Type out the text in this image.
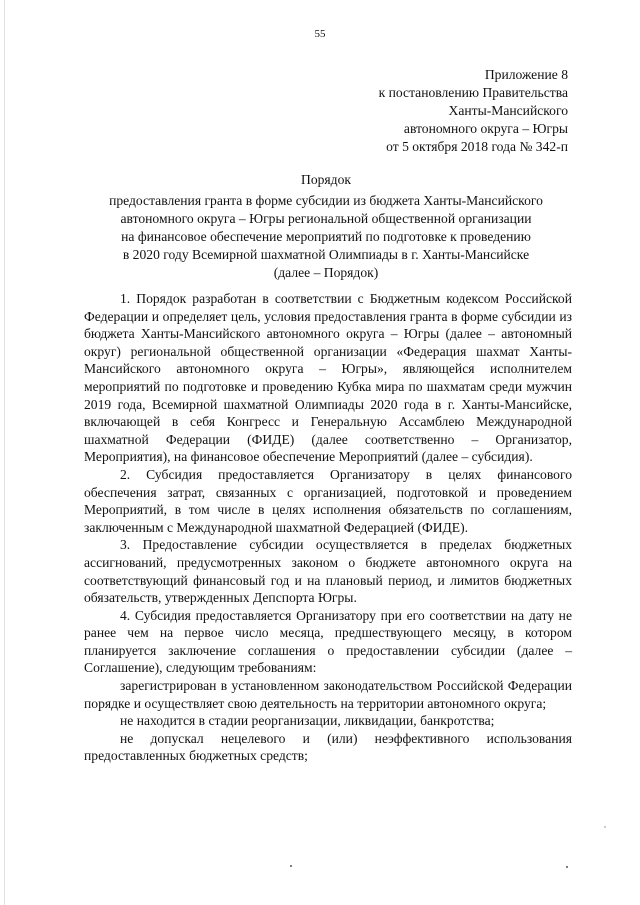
55
Приложение 8
к постановлению Правительства
Ханты-Мансийского
автономного округа – Югры
от 5 октября 2018 года № 342-п
Порядок
предоставления гранта в форме субсидии из бюджета Ханты-Мансийского
автономного округа – Югры региональной общественной организации
на финансовое обеспечение мероприятий по подготовке к проведению
в 2020 году Всемирной шахматной Олимпиады в г. Ханты-Мансийске
(далее – Порядок)

1. Порядок разработан в соответствии с Бюджетным кодексом Российской Федерации и определяет цель, условия предоставления гранта в форме субсидии из бюджета Ханты-Мансийского автономного округа – Югры (далее – автономный округ) региональной общественной организации «Федерация шахмат Ханты-Мансийского автономного округа – Югры», являющейся исполнителем мероприятий по подготовке и проведению Кубка мира по шахматам среди мужчин 2019 года, Всемирной шахматной Олимпиады 2020 года в г. Ханты-Мансийске, включающей в себя Конгресс и Генеральную Ассамблею Международной шахматной Федерации (ФИДЕ) (далее соответственно – Организатор, Мероприятия), на финансовое обеспечение Мероприятий (далее – субсидия).

2. Субсидия предоставляется Организатору в целях финансового обеспечения затрат, связанных с организацией, подготовкой и проведением Мероприятий, в том числе в целях исполнения обязательств по соглашениям, заключенным с Международной шахматной Федерацией (ФИДЕ).

3. Предоставление субсидии осуществляется в пределах бюджетных ассигнований, предусмотренных законом о бюджете автономного округа на соответствующий финансовый год и на плановый период, и лимитов бюджетных обязательств, утвержденных Депспорта Югры.

4. Субсидия предоставляется Организатору при его соответствии на дату не ранее чем на первое число месяца, предшествующего месяцу, в котором планируется заключение соглашения о предоставлении субсидии (далее – Соглашение), следующим требованиям:

зарегистрирован в установленном законодательством Российской Федерации порядке и осуществляет свою деятельность на территории автономного округа;

не находится в стадии реорганизации, ликвидации, банкротства;

не допускал нецелевого и (или) неэффективного использования предоставленных бюджетных средств;
